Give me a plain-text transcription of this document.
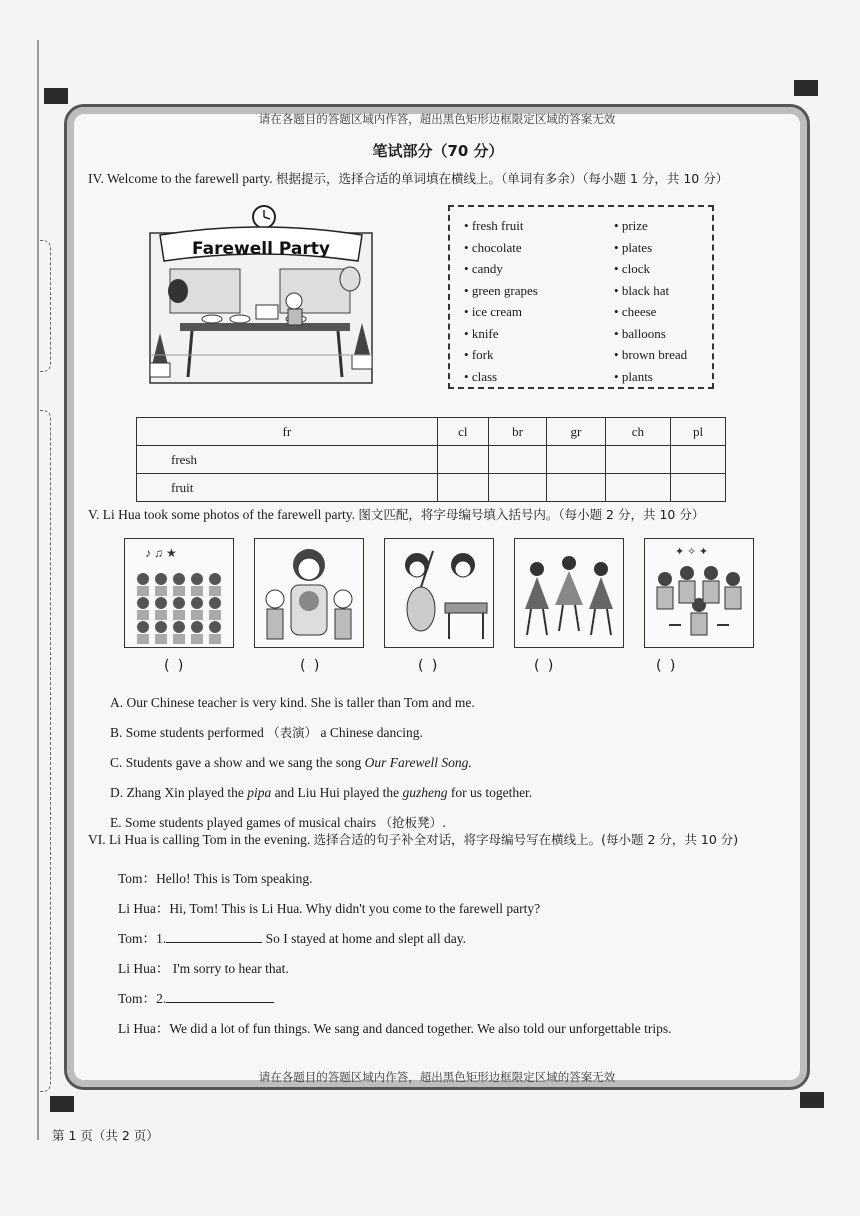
请在各题目的答题区域内作答，超出黑色矩形边框限定区域的答案无效
请在各题目的答题区域内作答，超出黑色矩形边框限定区域的答案无效

笔试部分（70 分）

IV. Welcome to the farewell party. 根据提示，选择合适的单词填在横线上。（单词有多余）（每小题 1 分，共 10 分）

Farewell Party
• fresh fruit
• chocolate
• candy
• green grapes
• ice cream
• knife
• fork
• class
• prize
• plates
• clock
• black hat
• cheese
• balloons
• brown bread
• plants
fr	cl	br	gr	ch	pl
fresh					
fruit					

V. Li Hua took some photos of the farewell party. 图文匹配，将字母编号填入括号内。（每小题 2 分，共 10 分）

♪ ♫ ★	✦ ✧ ✦
( )	( )	( )	( )	( )

A. Our Chinese teacher is very kind. She is taller than Tom and me.

B. Some students performed （表演） a Chinese dancing.

C. Students gave a show and we sang the song Our Farewell Song.

D. Zhang Xin played the pipa and Liu Hui played the guzheng for us together.

E. Some students played games of musical chairs （抢板凳）.

VI. Li Hua is calling Tom in the evening. 选择合适的句子补全对话，将字母编号写在横线上。(每小题 2 分，共 10 分)

Tom：Hello! This is Tom speaking.

Li Hua：Hi, Tom! This is Li Hua. Why didn't you come to the farewell party?

Tom：1.	So I stayed at home and slept all day.

Li Hua： I'm sorry to hear that.

Tom：2.

Li Hua：We did a lot of fun things. We sang and danced together. We also told our unforgettable trips.

第 1 页（共 2 页）
